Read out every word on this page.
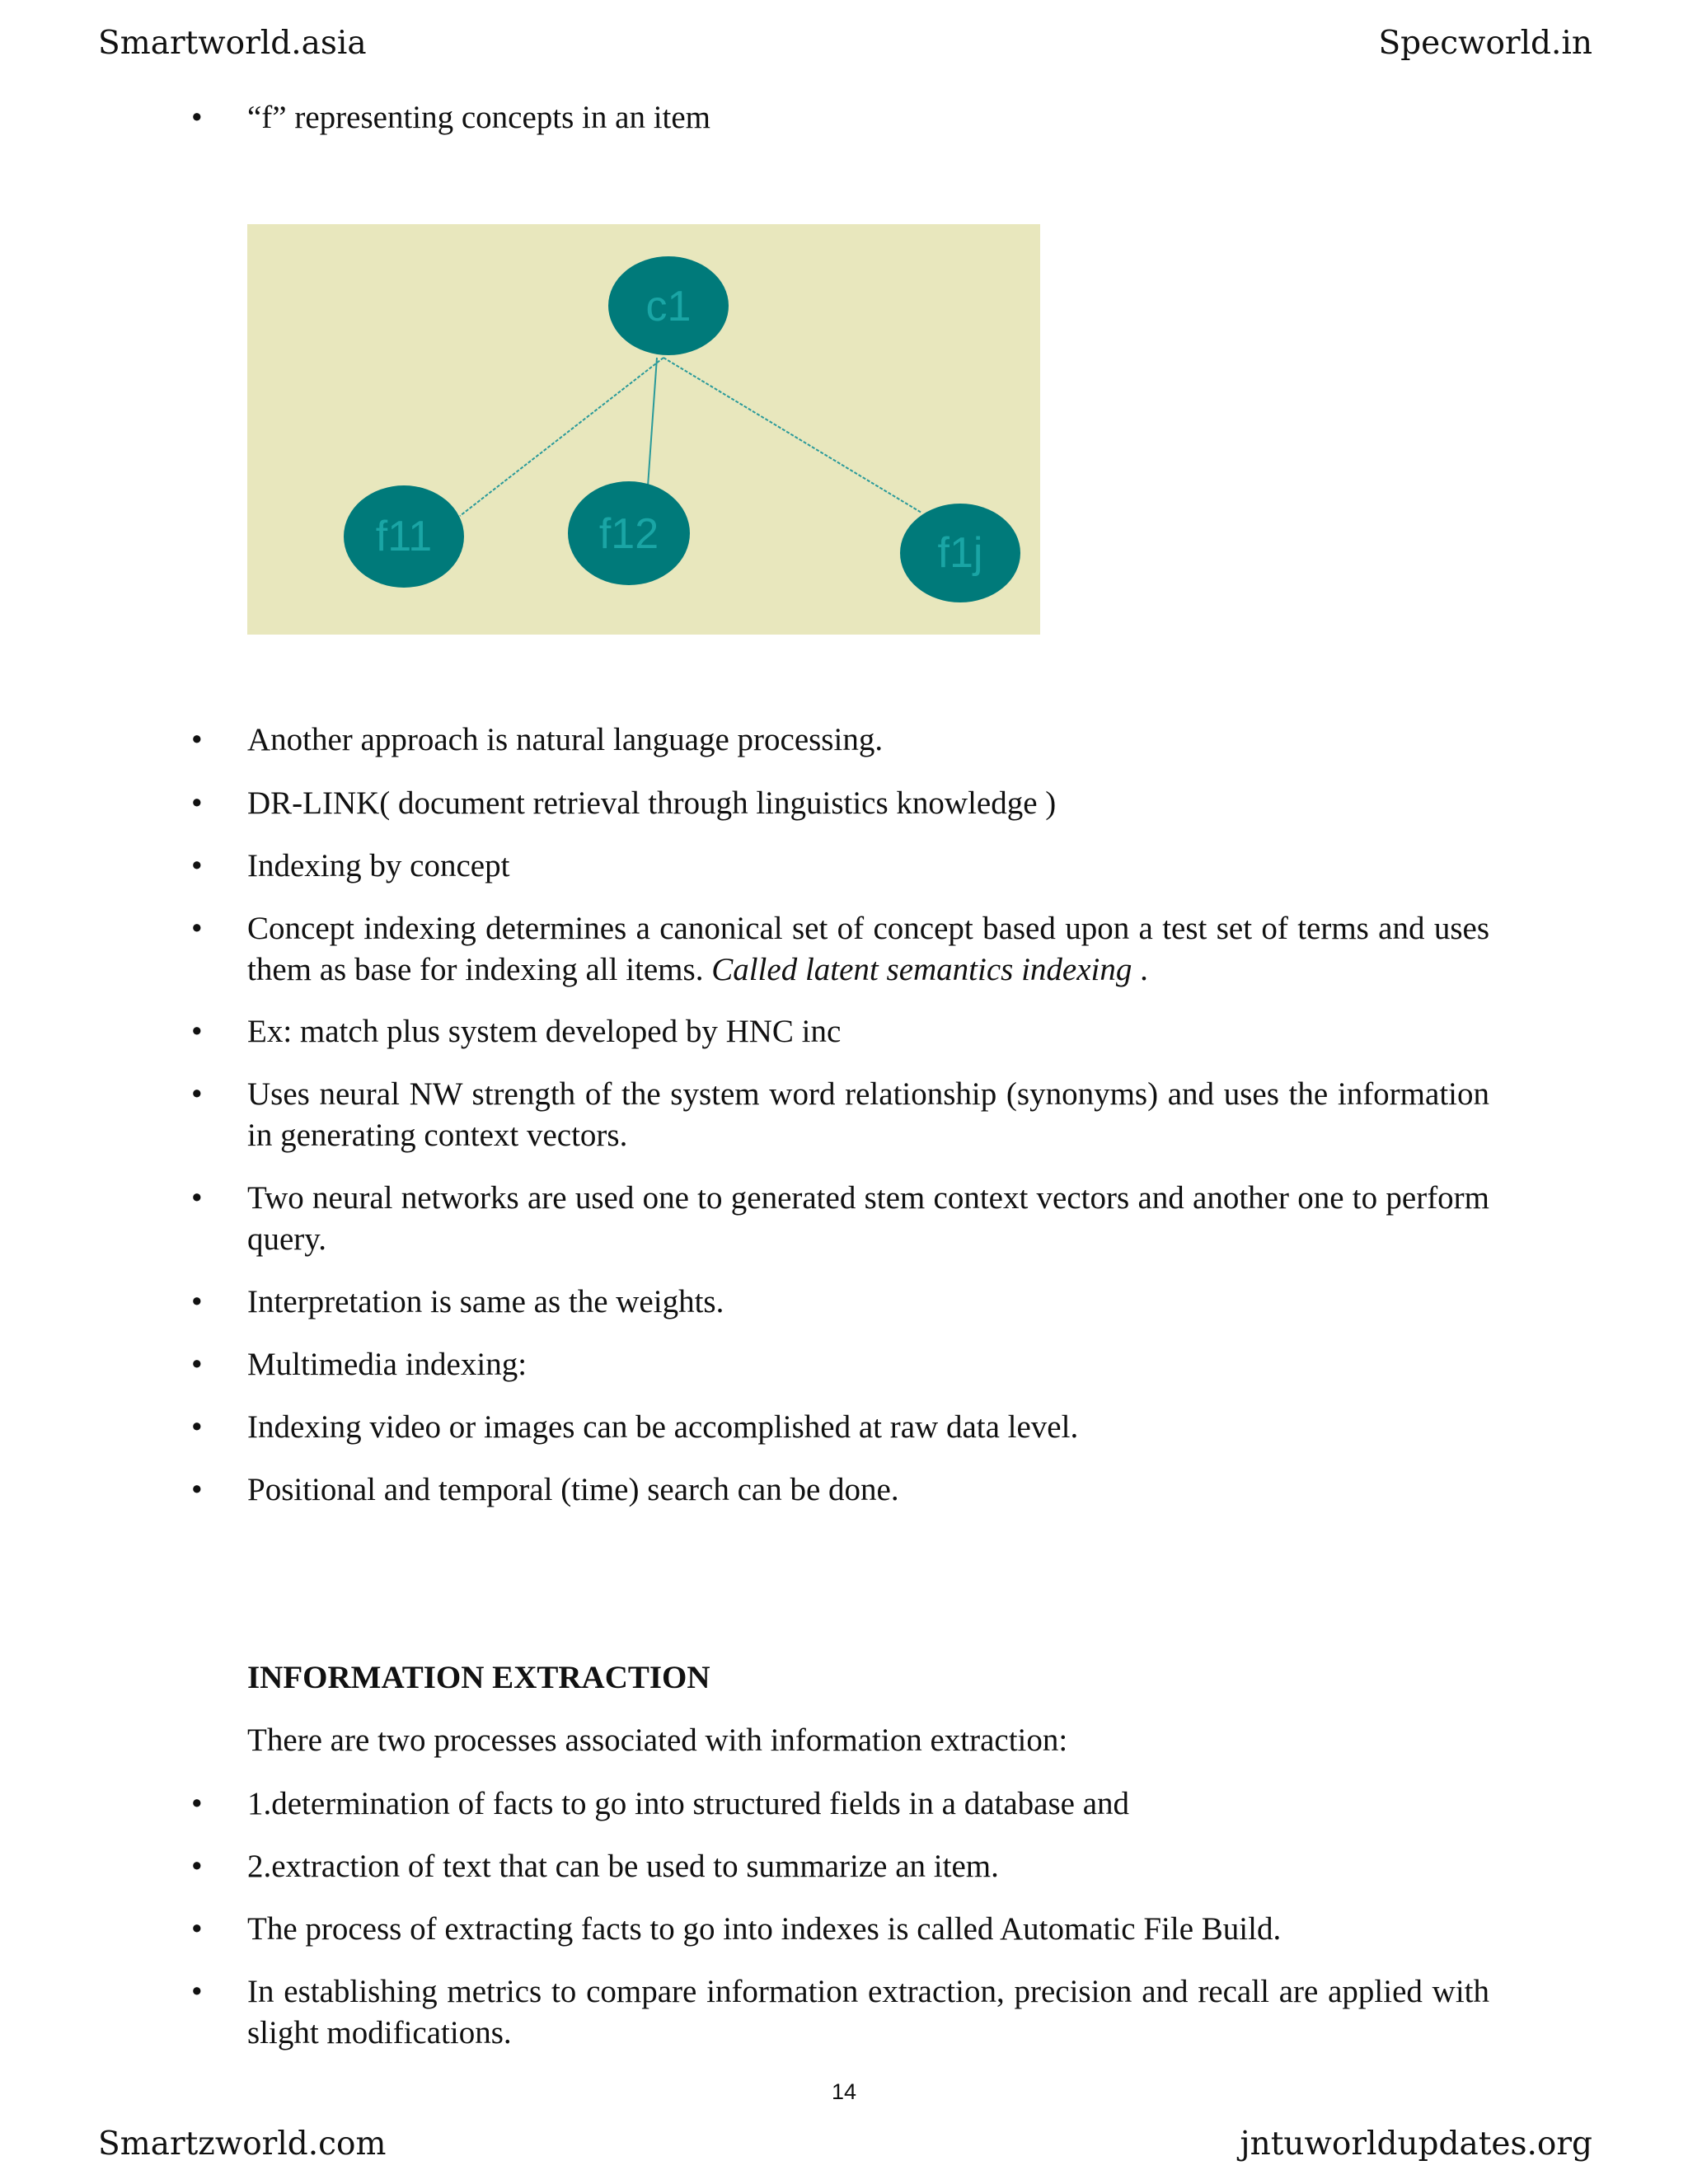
Smartworld.asia	Specworld.in
•	“f” representing concepts in an item
c1
f11	f12	f1j
•	Another approach is natural language processing.
•	DR-LINK( document retrieval through linguistics knowledge )
•	Indexing by concept
•	Concept indexing determines a canonical set of concept based upon a test set of terms and uses them as base for indexing all items. Called latent semantics indexing .
•	Ex: match plus system developed by HNC inc
•	Uses neural NW strength of the system word relationship (synonyms) and uses the information in generating context vectors.
•	Two neural networks are used one to generated stem context vectors and another one to perform query.
•	Interpretation is same as the weights.
•	Multimedia indexing:
•	Indexing video or images can be accomplished at raw data level.
•	Positional and temporal (time) search can be done.
INFORMATION EXTRACTION
There are two processes associated with information extraction:
•	1.determination of facts to go into structured fields in a database and
•	2.extraction of text that can be used to summarize an item.
•	The process of extracting facts to go into indexes is called Automatic File Build.
•	In establishing metrics to compare information extraction, precision and recall are applied with slight modifications.
14
Smartzworld.com	jntuworldupdates.org
